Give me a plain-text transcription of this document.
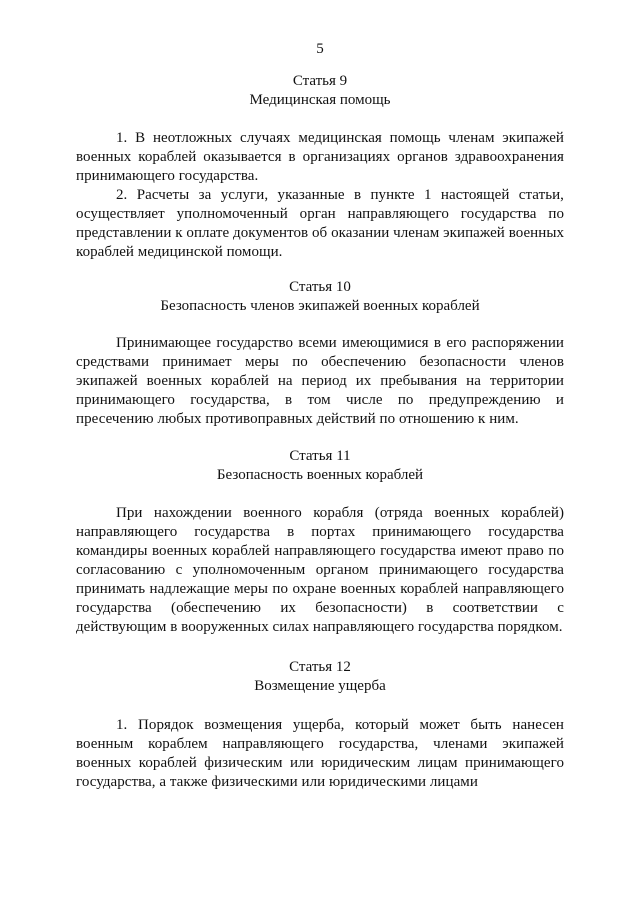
5
Статья 9
Медицинская помощь

1. В неотложных случаях медицинская помощь членам экипажей военных кораблей оказывается в организациях органов здравоохранения принимающего государства.

2. Расчеты за услуги, указанные в пункте 1 настоящей статьи, осуществляет уполномоченный орган направляющего государства по представлении к оплате документов об оказании членам экипажей военных кораблей медицинской помощи.

Статья 10
Безопасность членов экипажей военных кораблей

Принимающее государство всеми имеющимися в его распоряжении средствами принимает меры по обеспечению безопасности членов экипажей военных кораблей на период их пребывания на территории принимающего государства, в том числе по предупреждению и пресечению любых противоправных действий по отношению к ним.

Статья 11
Безопасность военных кораблей

При нахождении военного корабля (отряда военных кораблей) направляющего государства в портах принимающего государства командиры военных кораблей направляющего государства имеют право по согласованию с уполномоченным органом принимающего государства принимать надлежащие меры по охране военных кораблей направляющего государства (обеспечению их безопасности) в соответствии с действующим в вооруженных силах направляющего государства порядком.

Статья 12
Возмещение ущерба

1. Порядок возмещения ущерба, который может быть нанесен военным кораблем направляющего государства, членами экипажей военных кораблей физическим или юридическим лицам принимающего государства, а также физическими или юридическими лицами
